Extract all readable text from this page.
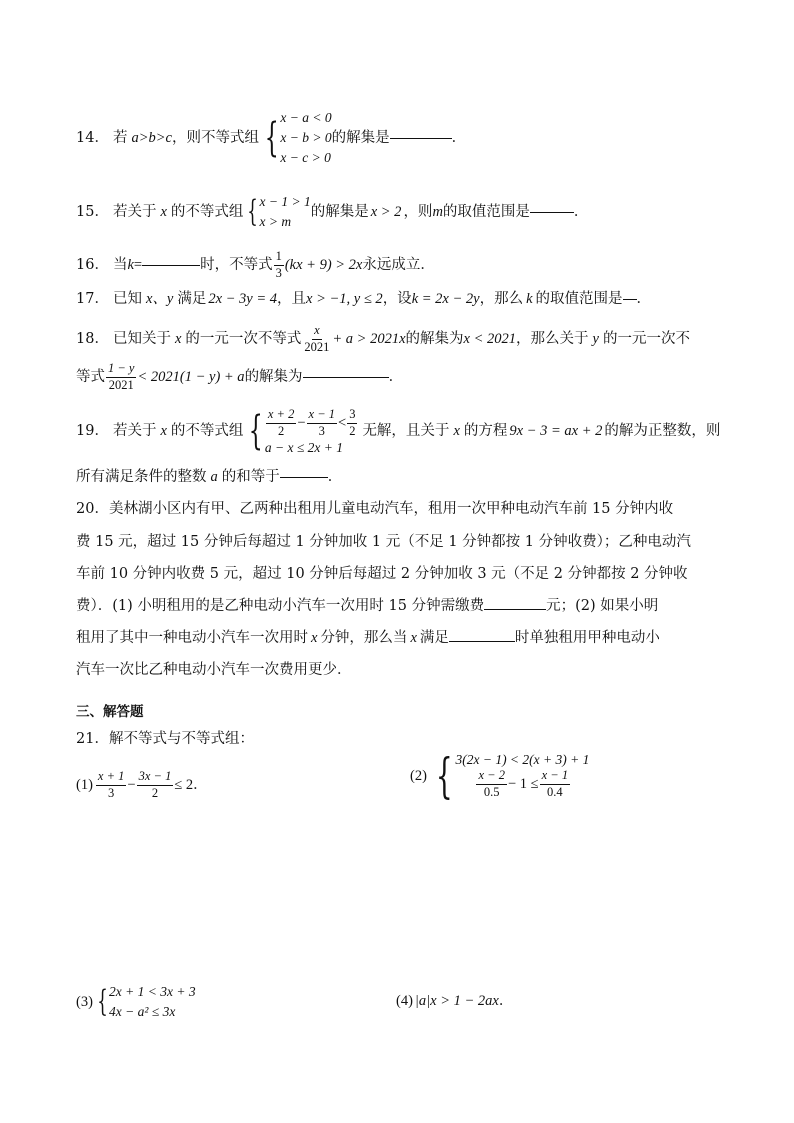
14． 若 a>b>c ，则不等式组 { x − a < 0
x − b > 0
x − c > 0
的解集是	．
15． 若关于 x 的不等式组 { x − 1 > 1
x > m
的解集是 x > 2 ，则 m 的取值范围是	．
16． 当 k =	时，不等式 $\frac{1}{3} (kx + 9) > 2x$ 永远成立．
17． 已知 x、y 满足 2x − 3y = 4 ，且 x > −1, y ≤ 2 ，设 k = 2x − 2y ，那么 k 的取值范围是 ．
18． 已知关于 x 的一元一次不等式 $\frac{x}{2021} + a > 2021x$ 的解集为 x < 2021 ，那么关于 y 的一元一次不
等式 $\frac{1 - y}{2021} < 2021(1 - y) + a$ 的解集为	．
19． 若关于 x 的不等式组 { $\frac{x + 2}{2} - \frac{x - 1}{3} < \frac{3}{2}$
a − x ≤ 2x + 1
无解，且关于 x 的方程 9x − 3 = ax + 2 的解为正整数，则
所有满足条件的整数 a 的和等于	．
20．美林湖小区内有甲、乙两种出租用儿童电动汽车，租用一次甲种电动汽车前 15 分钟内收
费 15 元，超过 15 分钟后每超过 1 分钟加收 1 元（不足 1 分钟都按 1 分钟收费）；乙种电动汽
车前 10 分钟内收费 5 元，超过 10 分钟后每超过 2 分钟加收 3 元（不足 2 分钟都按 2 分钟收
费）．(1) 小明租用的是乙种电动小汽车一次用时 15 分钟需缴费	元；(2) 如果小明
租用了其中一种电动小汽车一次用时 x 分钟，那么当 x 满足	时单独租用甲种电动小
汽车一次比乙种电动小汽车一次费用更少．
三、解答题
21．解不等式与不等式组：
$(1) \frac{x + 1}{3} - \frac{3x - 1}{2} \le 2$ ．
(2) { 3(2x − 1) < 2(x + 3) + 1
$\frac{x - 2}{0.5} - 1 \le \frac{x - 1}{0.4}$
(3) { 2x + 1 < 3x + 3
4x − a² ≤ 3x
(4) |a|x > 1 − 2ax ．
